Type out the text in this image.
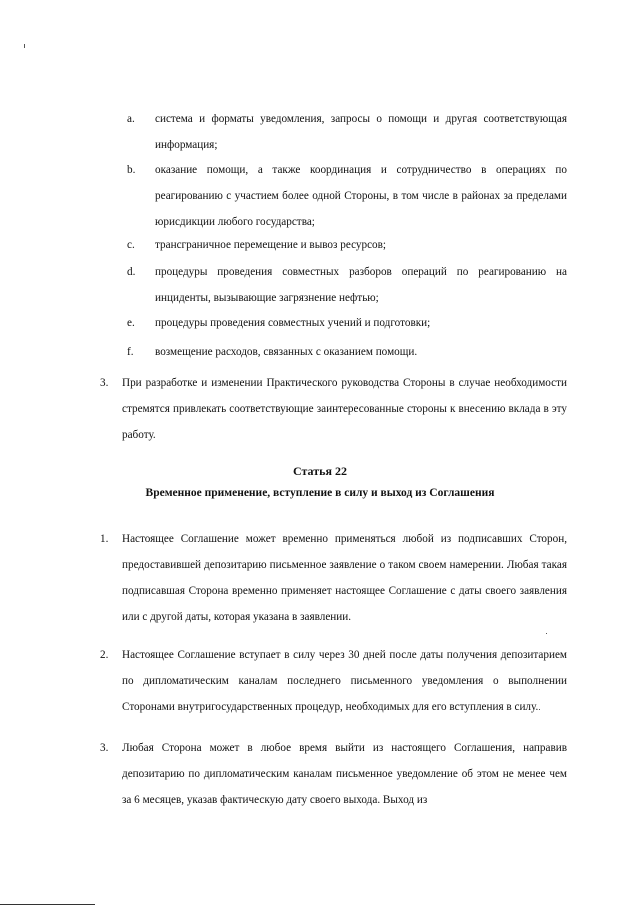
a. система и форматы уведомления, запросы о помощи и другая соответствующая информация;
b. оказание помощи, а также координация и сотрудничество в операциях по реагированию с участием более одной Стороны, в том числе в районах за пределами юрисдикции любого государства;
c. трансграничное перемещение и вывоз ресурсов;
d. процедуры проведения совместных разборов операций по реагированию на инциденты, вызывающие загрязнение нефтью;
e. процедуры проведения совместных учений и подготовки;
f. возмещение расходов, связанных с оказанием помощи.
3. При разработке и изменении Практического руководства Стороны в случае необходимости стремятся привлекать соответствующие заинтересованные стороны к внесению вклада в эту работу.
Статья 22
Временное применение, вступление в силу и выход из Соглашения
1. Настоящее Соглашение может временно применяться любой из подписавших Сторон, предоставившей депозитарию письменное заявление о таком своем намерении. Любая такая подписавшая Сторона временно применяет настоящее Соглашение с даты своего заявления или с другой даты, которая указана в заявлении.
2. Настоящее Соглашение вступает в силу через 30 дней после даты получения депозитарием по дипломатическим каналам последнего письменного уведомления о выполнении Сторонами внутригосударственных процедур, необходимых для его вступления в силу.
3. Любая Сторона может в любое время выйти из настоящего Соглашения, направив депозитарию по дипломатическим каналам письменное уведомление об этом не менее чем за 6 месяцев, указав фактическую дату своего выхода. Выход из
